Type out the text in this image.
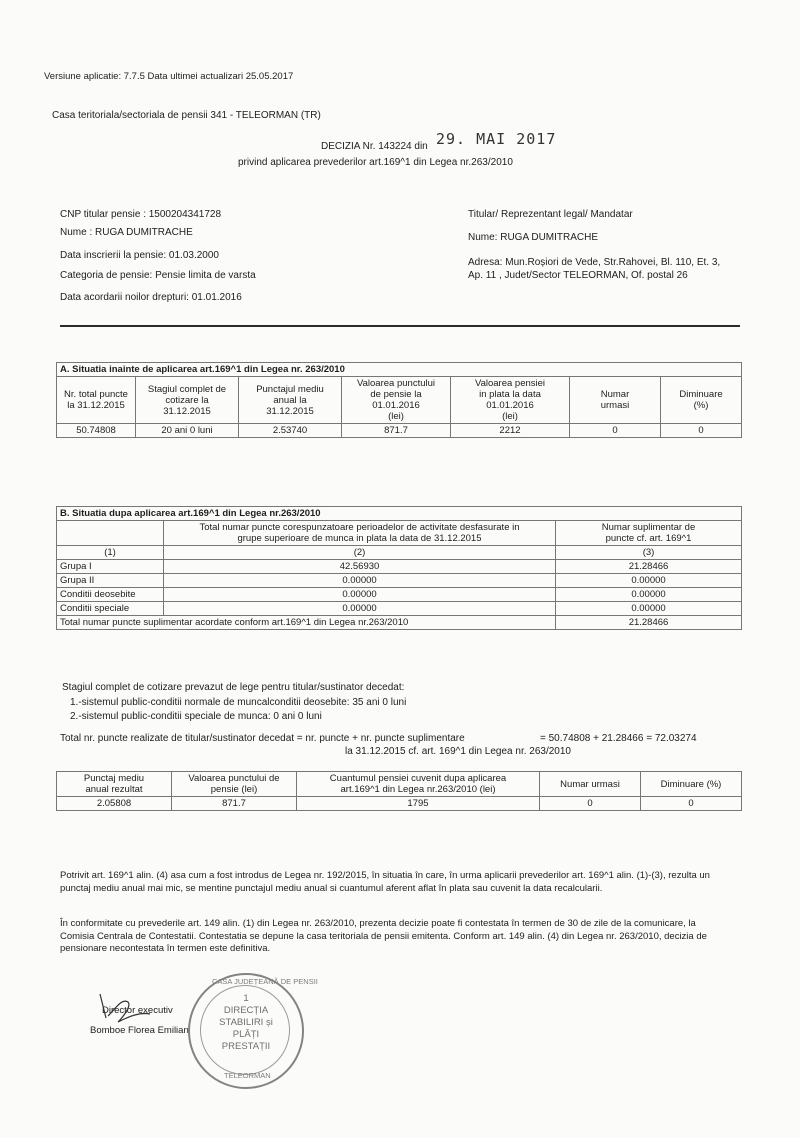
Versiune aplicatie: 7.7.5 Data ultimei actualizari 25.05.2017
Casa teritoriala/sectoriala de pensii 341 - TELEORMAN (TR)
DECIZIA Nr. 143224 din 29. MAI 2017
privind aplicarea prevederilor art.169^1 din Legea nr.263/2010
CNP titular pensie : 1500204341728
Nume : RUGA DUMITRACHE
Data inscrierii la pensie: 01.03.2000
Categoria de pensie: Pensie limita de varsta
Data acordarii noilor drepturi: 01.01.2016
Titular/ Reprezentant legal/ Mandatar
Nume: RUGA DUMITRACHE
Adresa: Mun.Roșiori de Vede, Str.Rahovei, Bl. 110, Et. 3,
Ap. 11 , Judet/Sector TELEORMAN, Of. postal 26
A. Situatia inainte de aplicarea art.169^1 din Legea nr. 263/2010						
Nr. total puncte
la 31.12.2015	Stagiul complet de
cotizare la
31.12.2015	Punctajul mediu
anual la
31.12.2015	Valoarea punctului
de pensie la
01.01.2016
(lei)	Valoarea pensiei
in plata la data
01.01.2016
(lei)	Numar
urmasi	Diminuare
(%)
50.74808	20 ani 0 luni	2.53740	871.7	2212	0	0
B. Situatia dupa aplicarea art.169^1 din Legea nr.263/2010		
	Total numar puncte corespunzatoare perioadelor de activitate desfasurate in
grupe superioare de munca in plata la data de 31.12.2015	Numar suplimentar de
puncte cf. art. 169^1
(1)	(2)	(3)
Grupa I	42.56930	21.28466
Grupa II	0.00000	0.00000
Conditii deosebite	0.00000	0.00000
Conditii speciale	0.00000	0.00000
Total numar puncte suplimentar acordate conform art.169^1 din Legea nr.263/2010		21.28466
Stagiul complet de cotizare prevazut de lege pentru titular/sustinator decedat:
1.-sistemul public-conditii normale de muncalconditii deosebite: 35 ani 0 luni
2.-sistemul public-conditii speciale de munca: 0 ani 0 luni
Total nr. puncte realizate de titular/sustinator decedat = nr. puncte + nr. puncte suplimentare	= 50.74808 + 21.28466 = 72.03274
la 31.12.2015 cf. art. 169^1 din Legea nr. 263/2010
Punctaj mediu
anual rezultat	Valoarea punctului de
pensie (lei)	Cuantumul pensiei cuvenit dupa aplicarea
art.169^1 din Legea nr.263/2010 (lei)	Numar urmasi	Diminuare (%)
2.05808	871.7	1795	0	0
Potrivit art. 169^1 alin. (4) asa cum a fost introdus de Legea nr. 192/2015, în situatia în care, în urma aplicarii prevederilor art. 169^1 alin. (1)-(3), rezulta un punctaj mediu anual mai mic, se mentine punctajul mediu anual si cuantumul aferent aflat în plata sau cuvenit la data recalcularii.
În conformitate cu prevederile art. 149 alin. (1) din Legea nr. 263/2010, prezenta decizie poate fi contestata în termen de 30 de zile de la comunicare, la Comisia Centrala de Contestatii. Contestatia se depune la casa teritoriala de pensii emitenta. Conform art. 149 alin. (4) din Legea nr. 263/2010, decizia de pensionare necontestata în termen este definitiva.
Director executiv
Bomboe Florea Emilian
CASA JUDEȚEANĂ DE PENSII
TELEORMAN
1
DIRECȚIA
STABILIRI și
PLĂȚI
PRESTAȚII
